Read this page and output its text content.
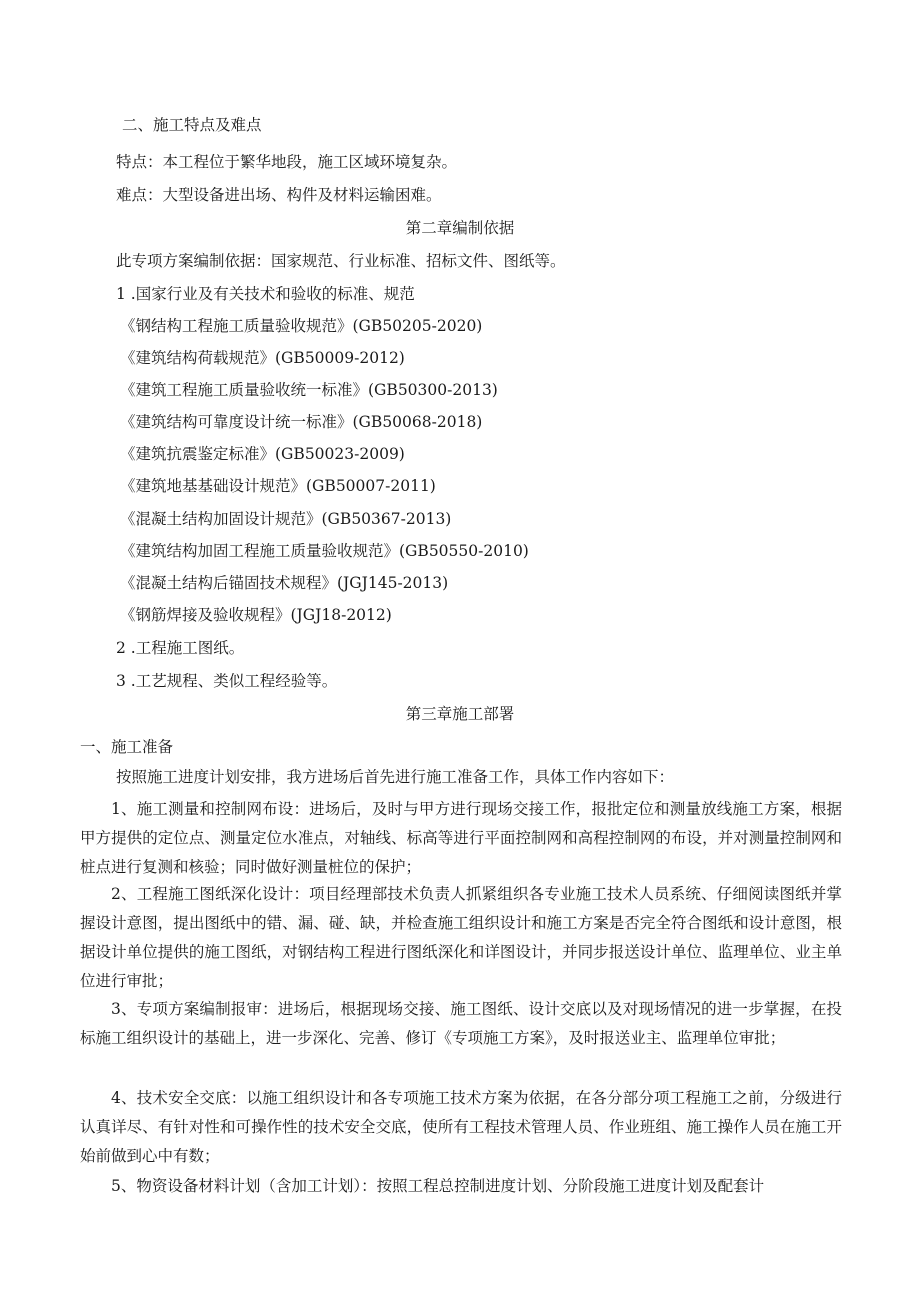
二、施工特点及难点
特点：本工程位于繁华地段，施工区域环境复杂。
难点：大型设备进出场、构件及材料运输困难。
第二章编制依据
此专项方案编制依据：国家规范、行业标准、招标文件、图纸等。
1 .国家行业及有关技术和验收的标准、规范
《钢结构工程施工质量验收规范》(GB50205-2020)
《建筑结构荷载规范》(GB50009-2012)
《建筑工程施工质量验收统一标准》(GB50300-2013)
《建筑结构可靠度设计统一标准》(GB50068-2018)
《建筑抗震鉴定标准》(GB50023-2009)
《建筑地基基础设计规范》(GB50007-2011)
《混凝土结构加固设计规范》(GB50367-2013)
《建筑结构加固工程施工质量验收规范》(GB50550-2010)
《混凝土结构后锚固技术规程》(JGJ145-2013)
《钢筋焊接及验收规程》(JGJ18-2012)
2 .工程施工图纸。
3 .工艺规程、类似工程经验等。
第三章施工部署
一、施工准备
按照施工进度计划安排，我方进场后首先进行施工准备工作，具体工作内容如下：
1、施工测量和控制网布设：进场后，及时与甲方进行现场交接工作，报批定位和测量放线施工方案，根据甲方提供的定位点、测量定位水准点，对轴线、标高等进行平面控制网和高程控制网的布设，并对测量控制网和桩点进行复测和核验；同时做好测量桩位的保护；
2、工程施工图纸深化设计：项目经理部技术负责人抓紧组织各专业施工技术人员系统、仔细阅读图纸并掌握设计意图，提出图纸中的错、漏、碰、缺，并检查施工组织设计和施工方案是否完全符合图纸和设计意图，根据设计单位提供的施工图纸，对钢结构工程进行图纸深化和详图设计，并同步报送设计单位、监理单位、业主单位进行审批；
3、专项方案编制报审：进场后，根据现场交接、施工图纸、设计交底以及对现场情况的进一步掌握，在投标施工组织设计的基础上，进一步深化、完善、修订《专项施工方案》，及时报送业主、监理单位审批；
4、技术安全交底：以施工组织设计和各专项施工技术方案为依据，在各分部分项工程施工之前，分级进行认真详尽、有针对性和可操作性的技术安全交底，使所有工程技术管理人员、作业班组、施工操作人员在施工开始前做到心中有数；
5、物资设备材料计划（含加工计划）：按照工程总控制进度计划、分阶段施工进度计划及配套计
